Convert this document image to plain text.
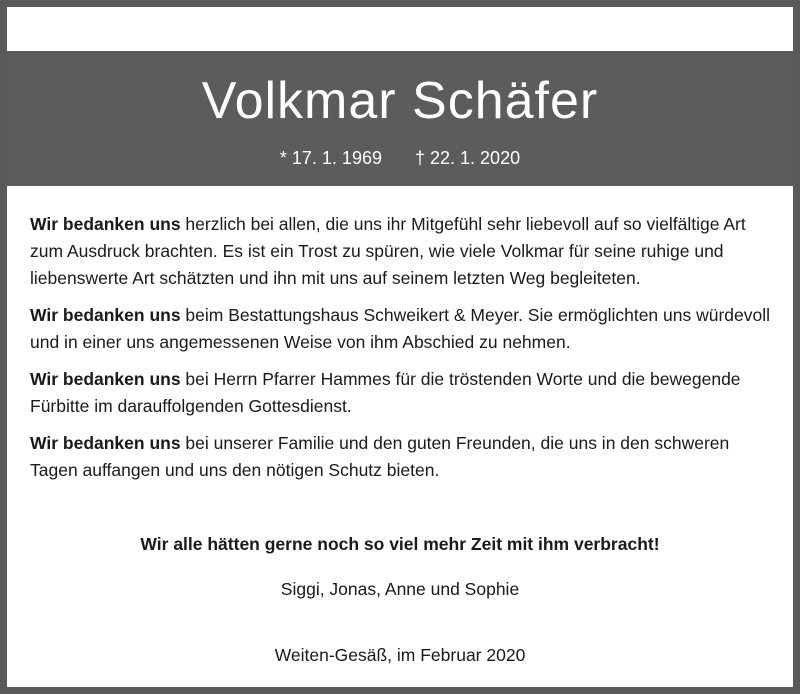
Volkmar Schäfer
* 17. 1. 1969 † 22. 1. 2020

Wir bedanken uns herzlich bei allen, die uns ihr Mitgefühl sehr liebevoll auf so vielfältige Art zum Ausdruck brachten. Es ist ein Trost zu spüren, wie viele Volkmar für seine ruhige und liebenswerte Art schätzten und ihn mit uns auf seinem letzten Weg begleiteten.

Wir bedanken uns beim Bestattungshaus Schweikert & Meyer. Sie ermöglichten uns würdevoll und in einer uns angemessenen Weise von ihm Abschied zu nehmen.

Wir bedanken uns bei Herrn Pfarrer Hammes für die tröstenden Worte und die bewegende Fürbitte im darauffolgenden Gottesdienst.

Wir bedanken uns bei unserer Familie und den guten Freunden, die uns in den schweren Tagen auffangen und uns den nötigen Schutz bieten.

Wir alle hätten gerne noch so viel mehr Zeit mit ihm verbracht!
Siggi, Jonas, Anne und Sophie
Weiten-Gesäß, im Februar 2020
